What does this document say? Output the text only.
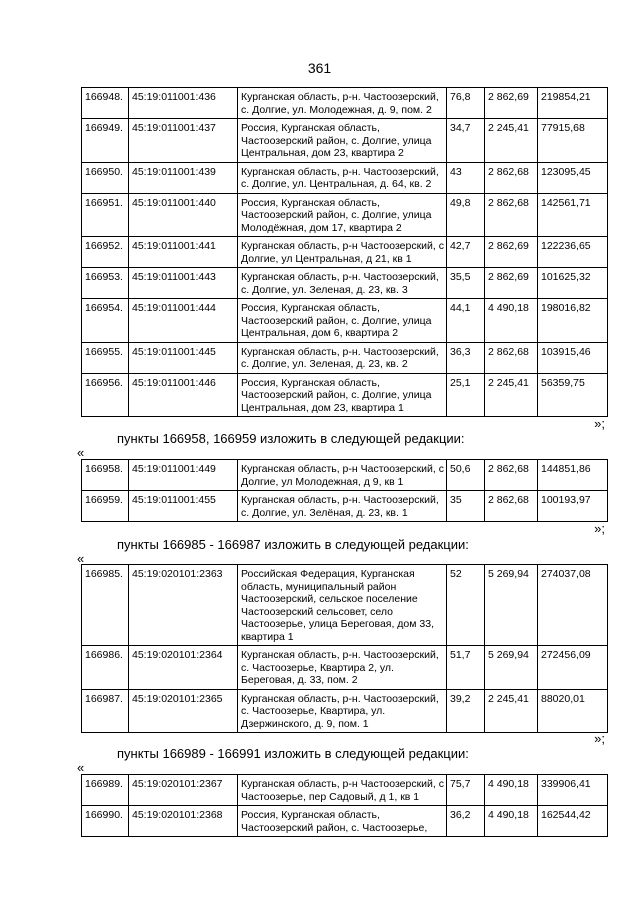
361
166948.	45:19:011001:436	Курганская область, р-н. Частоозерский, с. Долгие, ул. Молодежная, д. 9, пом. 2	76,8	2 862,69	219854,21
166949.	45:19:011001:437	Россия, Курганская область, Частоозерский район, с. Долгие, улица Центральная, дом 23, квартира 2	34,7	2 245,41	77915,68
166950.	45:19:011001:439	Курганская область, р-н. Частоозерский, с. Долгие, ул. Центральная, д. 64, кв. 2	43	2 862,68	123095,45
166951.	45:19:011001:440	Россия, Курганская область, Частоозерский район, с. Долгие, улица Молодёжная, дом 17, квартира 2	49,8	2 862,68	142561,71
166952.	45:19:011001:441	Курганская область, р-н Частоозерский, с Долгие, ул Центральная, д 21, кв 1	42,7	2 862,69	122236,65
166953.	45:19:011001:443	Курганская область, р-н. Частоозерский, с. Долгие, ул. Зеленая, д. 23, кв. 3	35,5	2 862,69	101625,32
166954.	45:19:011001:444	Россия, Курганская область, Частоозерский район, с. Долгие, улица Центральная, дом 6, квартира 2	44,1	4 490,18	198016,82
166955.	45:19:011001:445	Курганская область, р-н. Частоозерский, с. Долгие, ул. Зеленая, д. 23, кв. 2	36,3	2 862,68	103915,46
166956.	45:19:011001:446	Россия, Курганская область, Частоозерский район, с. Долгие, улица Центральная, дом 23, квартира 1	25,1	2 245,41	56359,75
»;
пункты 166958, 166959 изложить в следующей редакции:
«
166958.	45:19:011001:449	Курганская область, р-н Частоозерский, с Долгие, ул Молодежная, д 9, кв 1	50,6	2 862,68	144851,86
166959.	45:19:011001:455	Курганская область, р-н. Частоозерский, с. Долгие, ул. Зелёная, д. 23, кв. 1	35	2 862,68	100193,97
»;
пункты 166985 - 166987 изложить в следующей редакции:
«
166985.	45:19:020101:2363	Российская Федерация, Курганская область, муниципальный район Частоозерский, сельское поселение Частоозерский сельсовет, село Частоозерье, улица Береговая, дом 33, квартира 1	52	5 269,94	274037,08
166986.	45:19:020101:2364	Курганская область, р-н. Частоозерский, с. Частоозерье, Квартира 2, ул. Береговая, д. 33, пом. 2	51,7	5 269,94	272456,09
166987.	45:19:020101:2365	Курганская область, р-н. Частоозерский, с. Частоозерье, Квартира, ул. Дзержинского, д. 9, пом. 1	39,2	2 245,41	88020,01
»;
пункты 166989 - 166991 изложить в следующей редакции:
«
166989.	45:19:020101:2367	Курганская область, р-н Частоозерский, с Частоозерье, пер Садовый, д 1, кв 1	75,7	4 490,18	339906,41
166990.	45:19:020101:2368	Россия, Курганская область, Частоозерский район, с. Частоозерье,	36,2	4 490,18	162544,42
